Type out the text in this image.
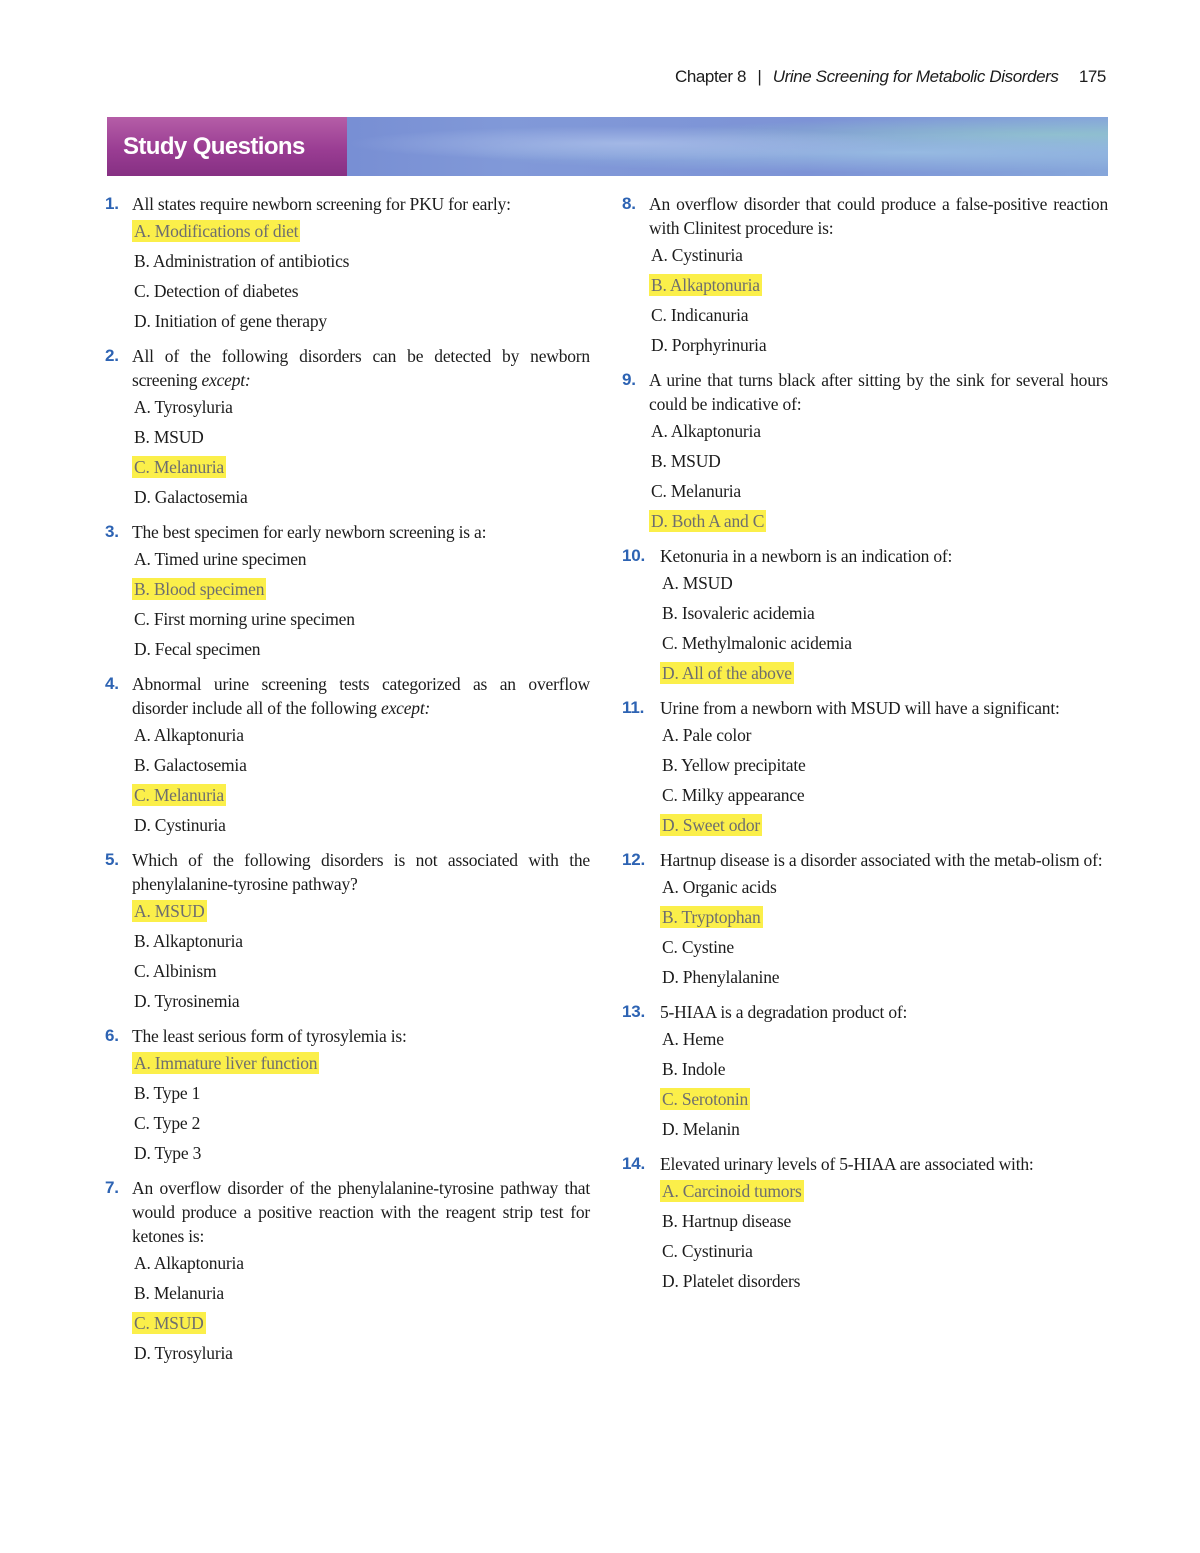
Chapter 8 | Urine Screening for Metabolic Disorders 175
Study Questions
1. All states require newborn screening for PKU for early:
A. Modifications of diet
B. Administration of antibiotics
C. Detection of diabetes
D. Initiation of gene therapy
2. All of the following disorders can be detected by newborn screening except:
A. Tyrosyluria
B. MSUD
C. Melanuria
D. Galactosemia
3. The best specimen for early newborn screening is a:
A. Timed urine specimen
B. Blood specimen
C. First morning urine specimen
D. Fecal specimen
4. Abnormal urine screening tests categorized as an overflow disorder include all of the following except:
A. Alkaptonuria
B. Galactosemia
C. Melanuria
D. Cystinuria
5. Which of the following disorders is not associated with the phenylalanine-tyrosine pathway?
A. MSUD
B. Alkaptonuria
C. Albinism
D. Tyrosinemia
6. The least serious form of tyrosylemia is:
A. Immature liver function
B. Type 1
C. Type 2
D. Type 3
7. An overflow disorder of the phenylalanine-tyrosine pathway that would produce a positive reaction with the reagent strip test for ketones is:
A. Alkaptonuria
B. Melanuria
C. MSUD
D. Tyrosyluria
8. An overflow disorder that could produce a false-positive reaction with Clinitest procedure is:
A. Cystinuria
B. Alkaptonuria
C. Indicanuria
D. Porphyrinuria
9. A urine that turns black after sitting by the sink for several hours could be indicative of:
A. Alkaptonuria
B. MSUD
C. Melanuria
D. Both A and C
10. Ketonuria in a newborn is an indication of:
A. MSUD
B. Isovaleric acidemia
C. Methylmalonic acidemia
D. All of the above
11. Urine from a newborn with MSUD will have a significant:
A. Pale color
B. Yellow precipitate
C. Milky appearance
D. Sweet odor
12. Hartnup disease is a disorder associated with the metab-olism of:
A. Organic acids
B. Tryptophan
C. Cystine
D. Phenylalanine
13. 5-HIAA is a degradation product of:
A. Heme
B. Indole
C. Serotonin
D. Melanin
14. Elevated urinary levels of 5-HIAA are associated with:
A. Carcinoid tumors
B. Hartnup disease
C. Cystinuria
D. Platelet disorders
